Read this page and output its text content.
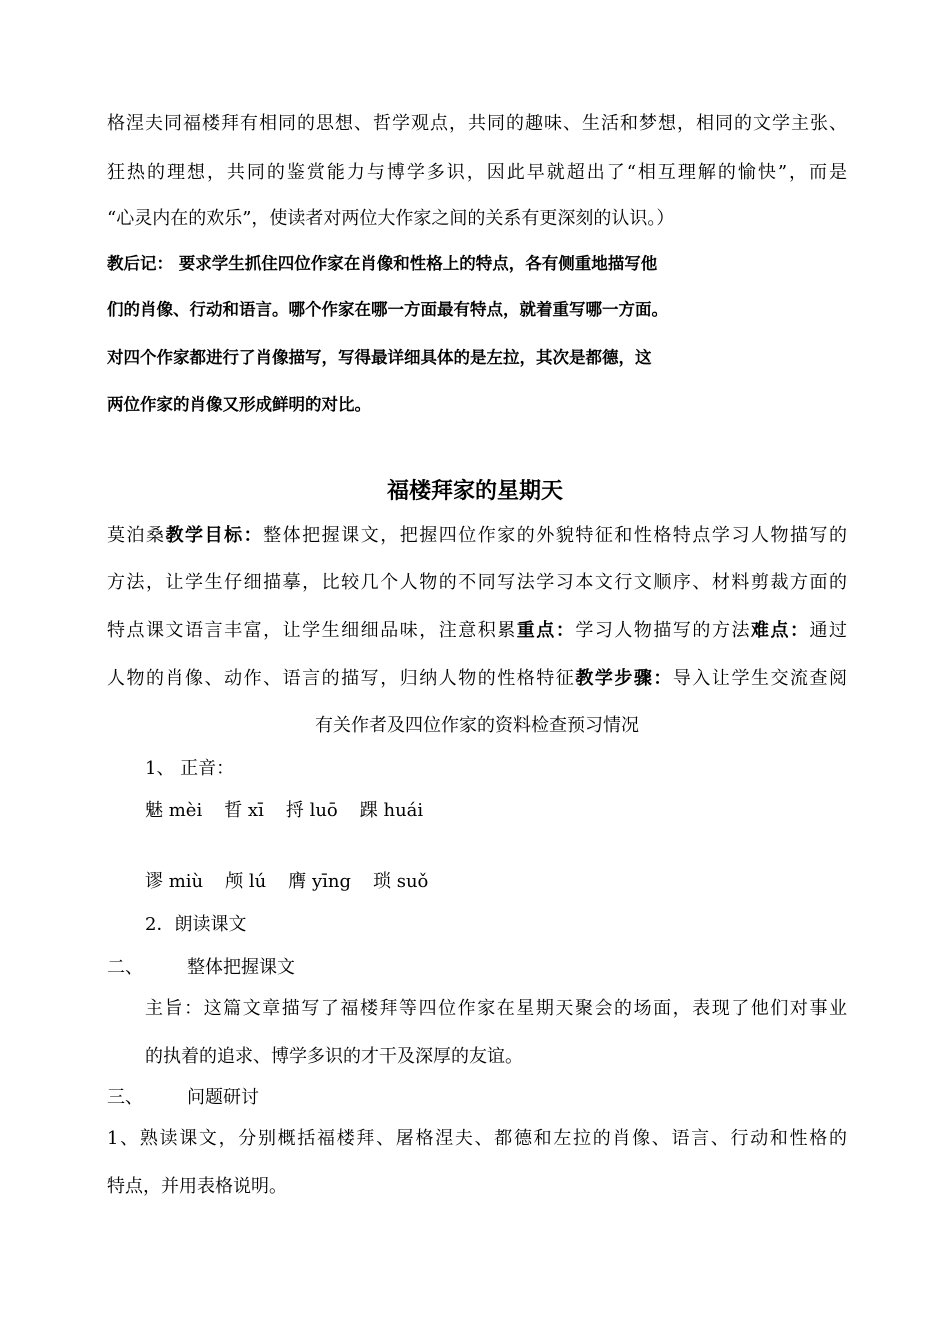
格涅夫同福楼拜有相同的思想、哲学观点，共同的趣味、生活和梦想，相同的文学主张、
狂热的理想，共同的鉴赏能力与博学多识，因此早就超出了“相互理解的愉快”，而是
“心灵内在的欢乐”，使读者对两位大作家之间的关系有更深刻的认识。）
教后记： 要求学生抓住四位作家在肖像和性格上的特点，各有侧重地描写他
们的肖像、行动和语言。哪个作家在哪一方面最有特点，就着重写哪一方面。
对四个作家都进行了肖像描写，写得最详细具体的是左拉，其次是都德，这
两位作家的肖像又形成鲜明的对比。
福楼拜家的星期天
莫泊桑教学目标：整体把握课文，把握四位作家的外貌特征和性格特点学习人物描写的
方法，让学生仔细描摹，比较几个人物的不同写法学习本文行文顺序、材料剪裁方面的
特点课文语言丰富，让学生细细品味，注意积累重点：学习人物描写的方法难点：通过
人物的肖像、动作、语言的描写，归纳人物的性格特征教学步骤：导入让学生交流查阅
有关作者及四位作家的资料检查预习情况
1、 正音：
魅 mèi 晢 xī 捋 luō 踝 huái
谬 miù 颅 lú 膺 yīng 琐 suǒ
2．朗读课文
二、 整体把握课文
主旨：这篇文章描写了福楼拜等四位作家在星期天聚会的场面，表现了他们对事业
的执着的追求、博学多识的才干及深厚的友谊。
三、 问题研讨
1、熟读课文，分别概括福楼拜、屠格涅夫、都德和左拉的肖像、语言、行动和性格的
特点，并用表格说明。
